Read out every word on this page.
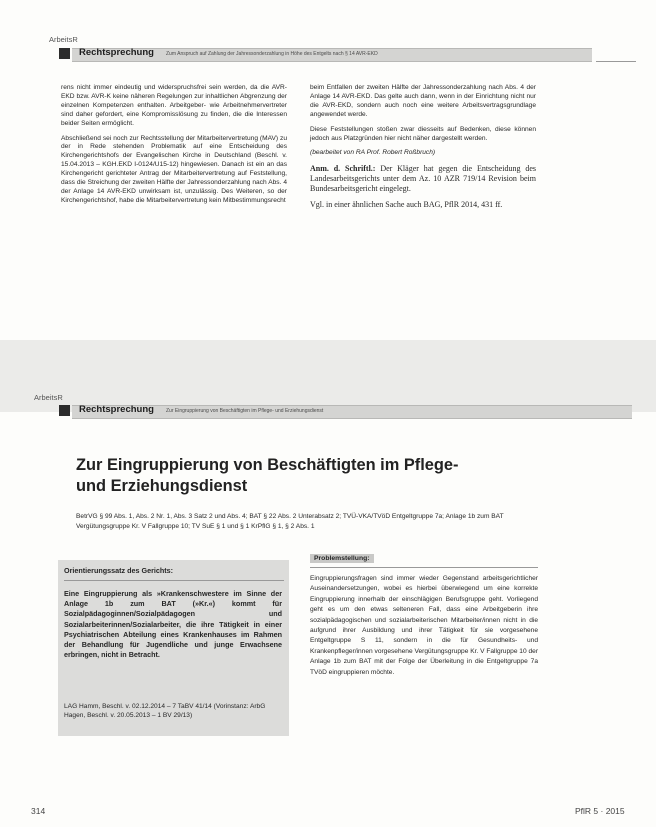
ArbeitsR
Rechtsprechung Zum Anspruch auf Zahlung der Jahressonderzahlung in Höhe des Entgelts nach § 14 AVR-EKD

rens nicht immer eindeutig und widerspruchsfrei sein werden, da die AVR-EKD bzw. AVR-K keine näheren Regelungen zur inhaltlichen Abgrenzung der einzelnen Kompetenzen enthalten. Arbeitgeber- wie Arbeitnehmervertreter sind daher gefordert, eine Kompromisslösung zu finden, die die Interessen beider Seiten ermöglicht.

Abschließend sei noch zur Rechtsstellung der Mitarbeitervertretung (MAV) zu der in Rede stehenden Problematik auf eine Entscheidung des Kirchengerichtshofs der Evangelischen Kirche in Deutschland (Beschl. v. 15.04.2013 – KGH.EKD I-0124/U15-12) hingewiesen. Danach ist ein an das Kirchengericht gerichteter Antrag der Mitarbeitervertretung auf Feststellung, dass die Streichung der zweiten Hälfte der Jahressonderzahlung nach Abs. 4 der Anlage 14 AVR-EKD unwirksam ist, unzulässig. Des Weiteren, so der Kirchengerichtshof, habe die Mitarbeitervertretung kein Mitbestimmungsrecht

beim Entfallen der zweiten Hälfte der Jahressonderzahlung nach Abs. 4 der Anlage 14 AVR-EKD. Das gelte auch dann, wenn in der Einrichtung nicht nur die AVR-EKD, sondern auch noch eine weitere Arbeitsvertragsgrundlage angewendet werde.

Diese Feststellungen stoßen zwar diesseits auf Bedenken, diese können jedoch aus Platzgründen hier nicht näher dargestellt werden.

(bearbeitet von RA Prof. Robert Roßbruch)

Anm. d. Schriftl.: Der Kläger hat gegen die Entscheidung des Landesarbeitsgerichts unter dem Az. 10 AZR 719/14 Revision beim Bundesarbeitsgericht eingelegt.

Vgl. in einer ähnlichen Sache auch BAG, PflR 2014, 431 ff.

ArbeitsR
Rechtsprechung Zur Eingruppierung von Beschäftigten im Pflege- und Erziehungsdienst
Zur Eingruppierung von Beschäftigten im Pflege-
und Erziehungsdienst
BetrVG § 99 Abs. 1, Abs. 2 Nr. 1, Abs. 3 Satz 2 und Abs. 4; BAT § 22 Abs. 2 Unterabsatz 2; TVÜ-VKA/TVöD Entgeltgruppe 7a; Anlage 1b zum BAT Vergütungsgruppe Kr. V Fallgruppe 10; TV SuE § 1 und § 1 KrPflG § 1, § 2 Abs. 1
Orientierungssatz des Gerichts:
Eine Eingruppierung als »Krankenschwestere im Sinne der Anlage 1b zum BAT (»Kr.«) kommt für Sozialpädagoginnen/Sozialpädagogen und Sozialarbeiterinnen/Sozialarbeiter, die ihre Tätigkeit in einer Psychiatrischen Abteilung eines Krankenhauses im Rahmen der Behandlung für Jugendliche und junge Erwachsene erbringen, nicht in Betracht.
LAG Hamm, Beschl. v. 02.12.2014 – 7 TaBV 41/14 (Vorinstanz: ArbG Hagen, Beschl. v. 20.05.2013 – 1 BV 29/13)
Problemstellung:
Eingruppierungsfragen sind immer wieder Gegenstand arbeitsgerichtlicher Auseinandersetzungen, wobei es hierbei überwiegend um eine korrekte Eingruppierung innerhalb der einschlägigen Berufsgruppe geht. Vorliegend geht es um den etwas selteneren Fall, dass eine Arbeitgeberin ihre sozialpädagogischen und sozialarbeiterischen Mitarbeiter/innen nicht in die aufgrund ihrer Ausbildung und ihrer Tätigkeit für sie vorgesehene Entgeltgruppe S 11, sondern in die für Gesundheits- und Krankenpfleger/innen vorgesehene Vergütungsgruppe Kr. V Fallgruppe 10 der Anlage 1b zum BAT mit der Folge der Überleitung in die Entgeltgruppe 7a TVöD eingruppieren möchte.
314	PflR 5 · 2015
